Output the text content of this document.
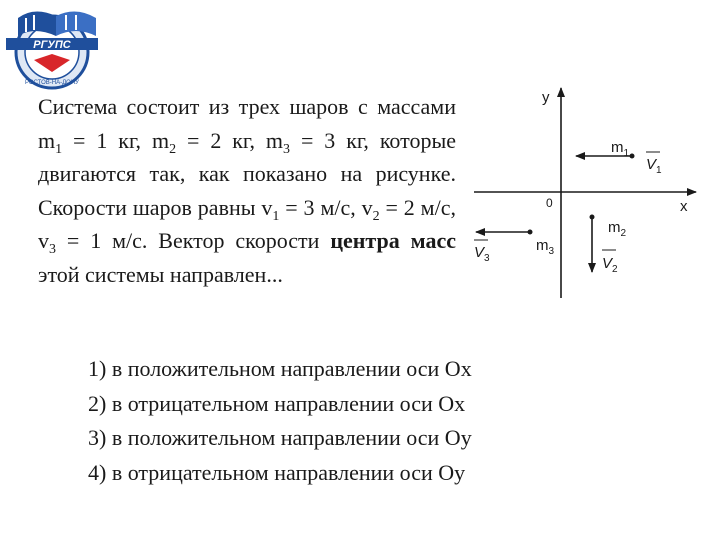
РГУПС
РОСТОВ-НА-ДОНУ
Система состоит из трех шаров с массами $m_1 = 1$ кг, $m_2 = 2$ кг, $m_3 = 3$ кг, которые двигаются так, как показано на рисунке. Скорости шаров равны $v_1 = 3$ м/с, $v_2 = 2$ м/с, $v_3 = 1$ м/с. Вектор скорости центра масс этой системы направлен...
y
x
0
$m_1$
$V_1$
$m_2$
$V_2$
$m_3$
$V_3$
1) в положительном направлении оси Ox
2) в отрицательном направлении оси Ox
3) в положительном направлении оси Oy
4) в отрицательном направлении оси Oy
